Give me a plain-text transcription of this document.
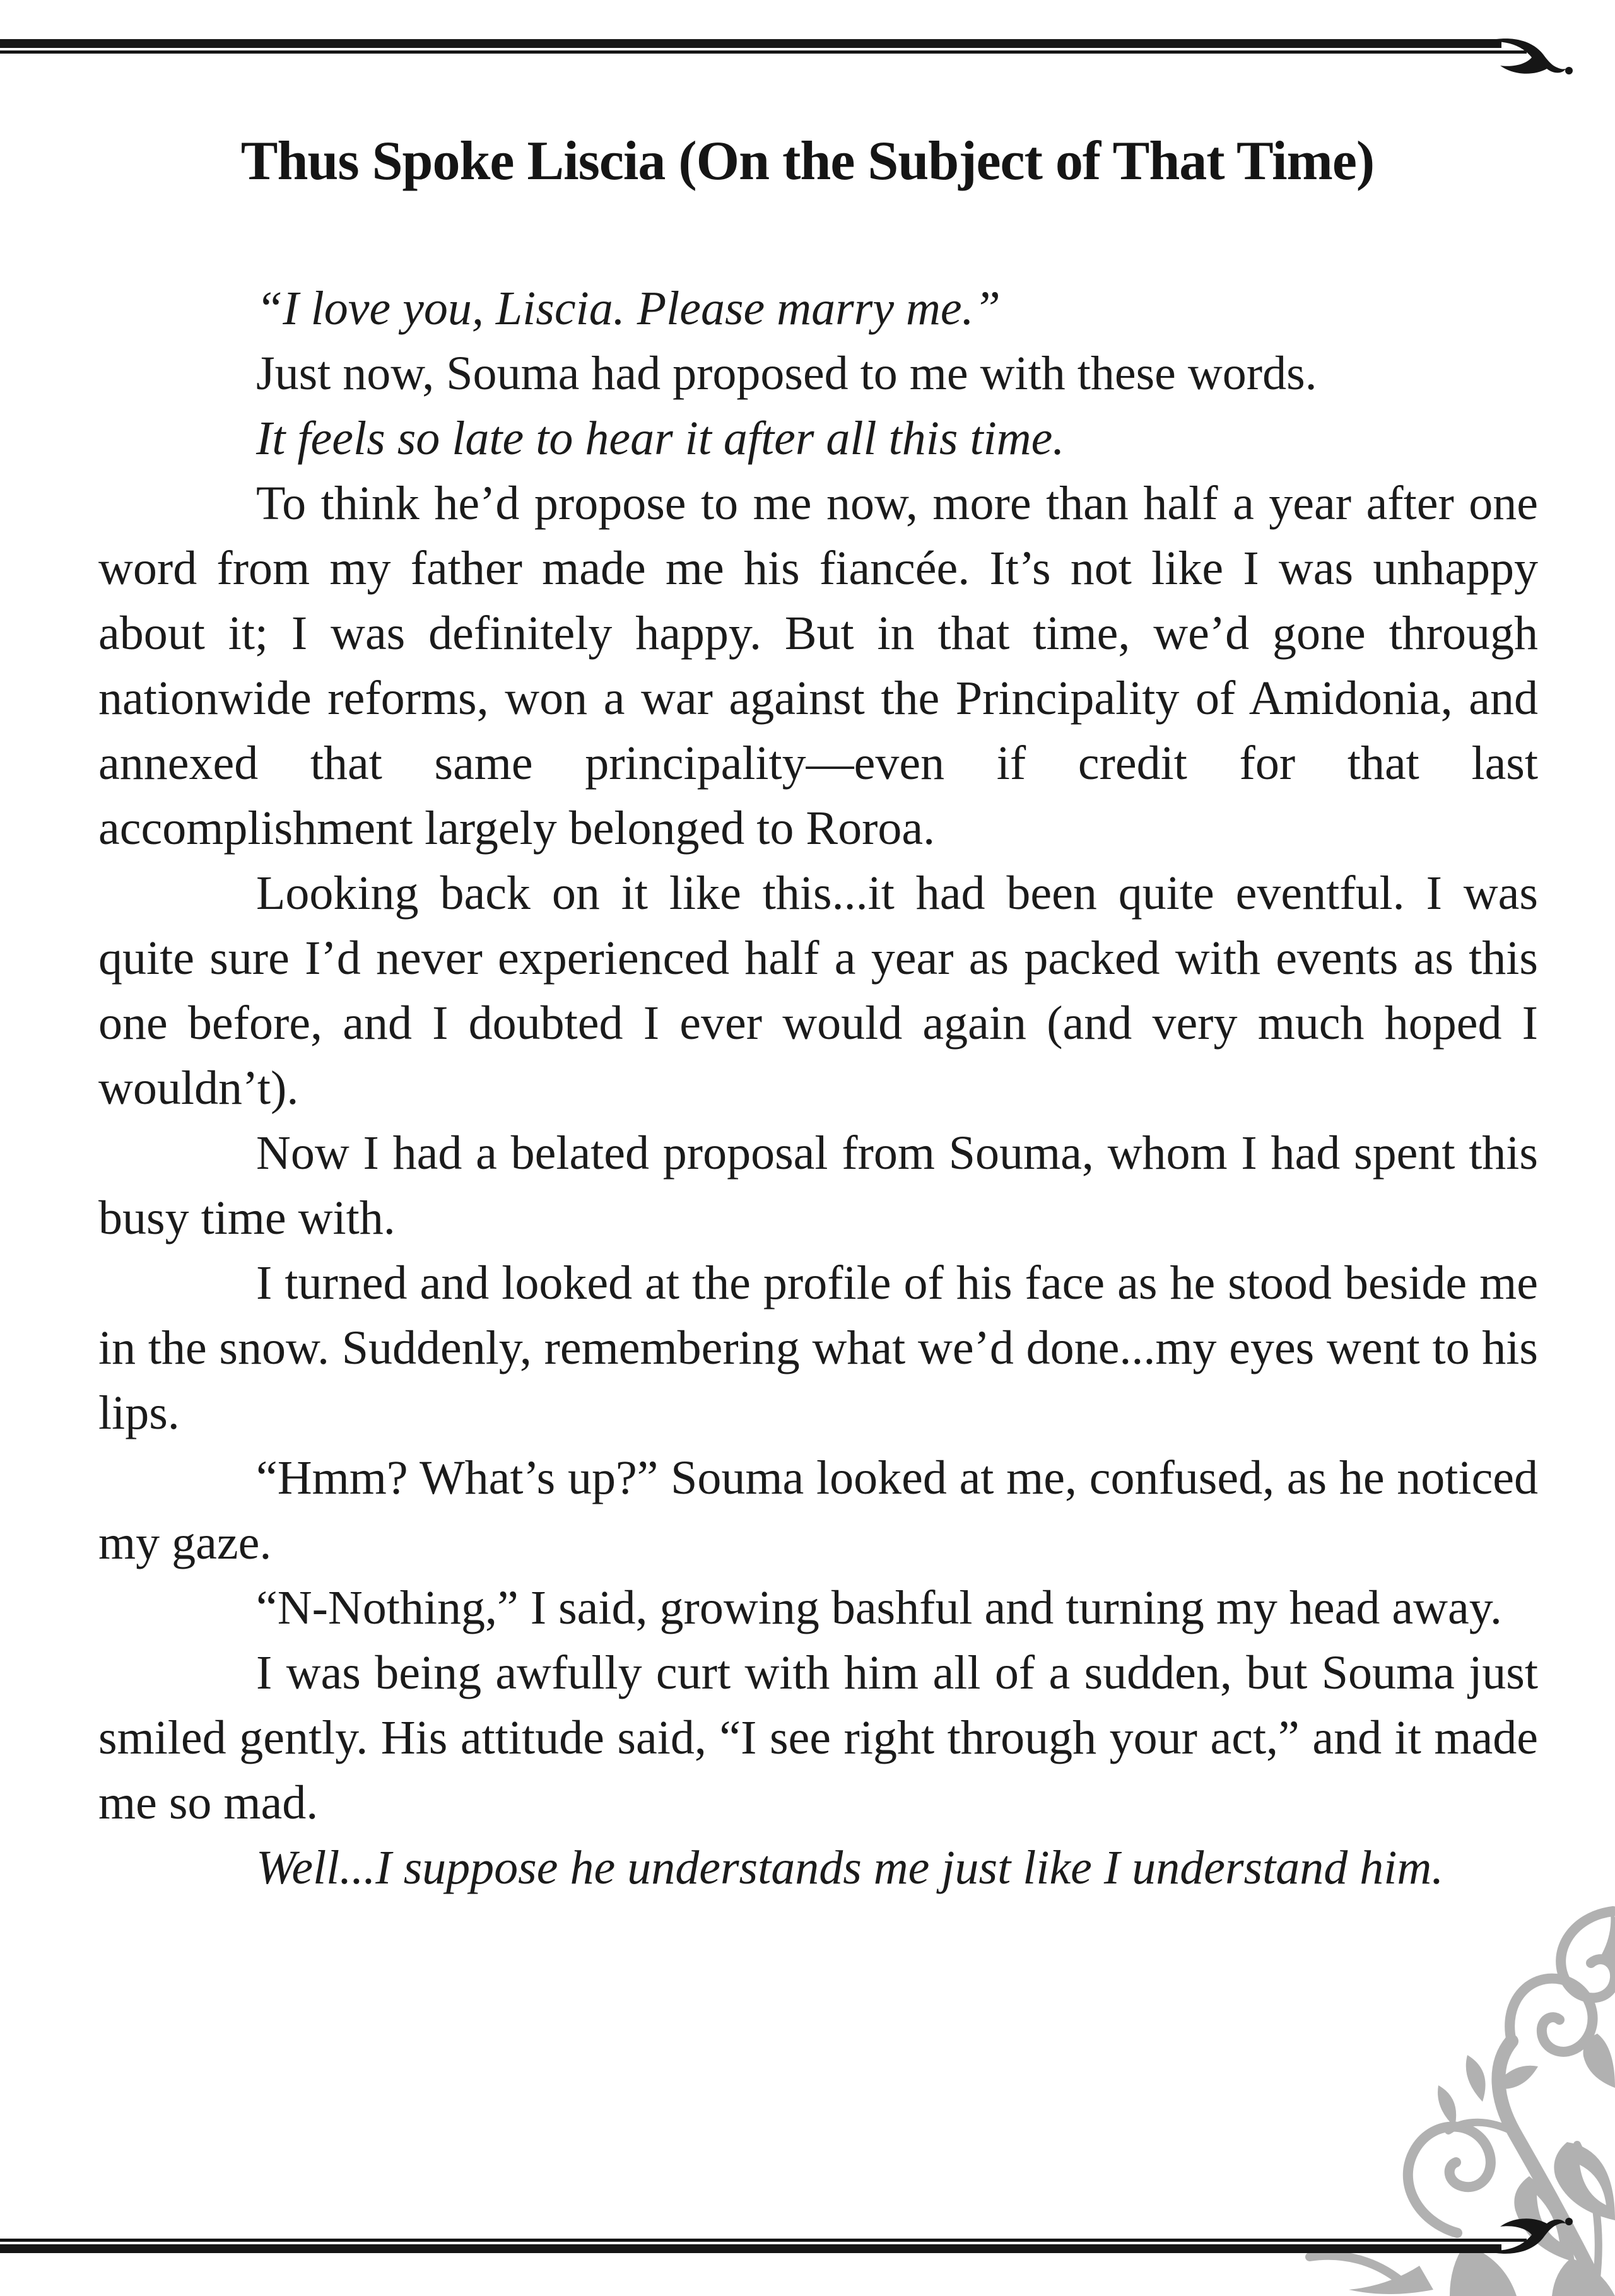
Thus Spoke Liscia (On the Subject of That Time)

“I love you, Liscia. Please marry me.”

Just now, Souma had proposed to me with these words.

It feels so late to hear it after all this time.

To think he’d propose to me now, more than half a year after one word from my father made me his fiancée. It’s not like I was unhappy about it; I was definitely happy. But in that time, we’d gone through nationwide reforms, won a war against the Principality of Amidonia, and annexed that same principality—even if credit for that last accomplishment largely belonged to Roroa.

Looking back on it like this...it had been quite eventful. I was quite sure I’d never experienced half a year as packed with events as this one before, and I doubted I ever would again (and very much hoped I wouldn’t).

Now I had a belated proposal from Souma, whom I had spent this busy time with.

I turned and looked at the profile of his face as he stood beside me in the snow. Suddenly, remembering what we’d done...my eyes went to his lips.

“Hmm? What’s up?” Souma looked at me, confused, as he noticed my gaze.

“N-Nothing,” I said, growing bashful and turning my head away.

I was being awfully curt with him all of a sudden, but Souma just smiled gently. His attitude said, “I see right through your act,” and it made me so mad.

Well...I suppose he understands me just like I understand him.
